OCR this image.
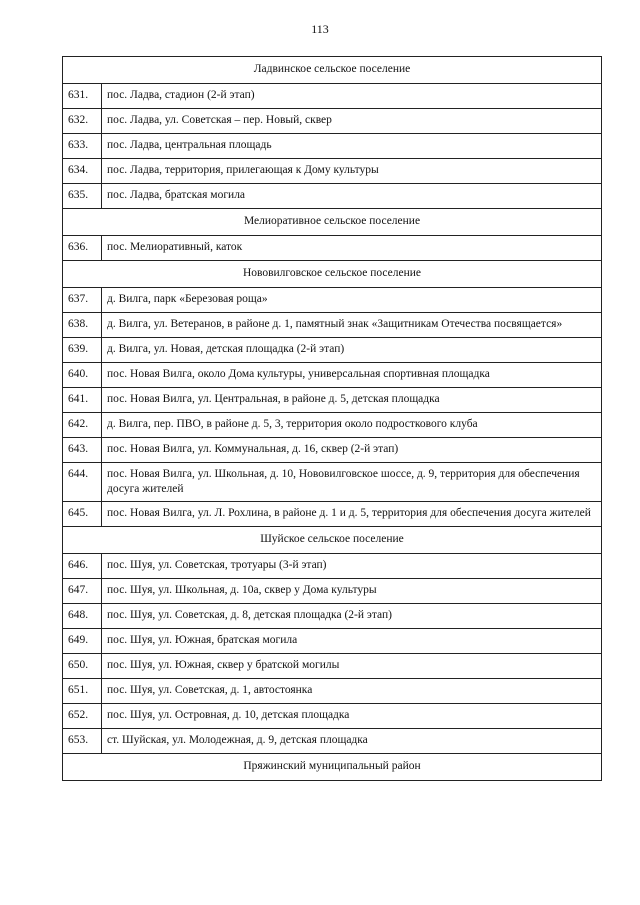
113
Ладвинское сельское поселение	
631.	пос. Ладва, стадион (2-й этап)
632.	пос. Ладва, ул. Советская – пер. Новый, сквер
633.	пос. Ладва, центральная площадь
634.	пос. Ладва, территория, прилегающая к Дому культуры
635.	пос. Ладва, братская могила
Мелиоративное сельское поселение	
636.	пос. Мелиоративный, каток
Нововилговское сельское поселение	
637.	д. Вилга, парк «Березовая роща»
638.	д. Вилга, ул. Ветеранов, в районе д. 1, памятный знак «Защитникам Отечества посвящается»
639.	д. Вилга, ул. Новая, детская площадка (2-й этап)
640.	пос. Новая Вилга, около Дома культуры, универсальная спортивная площадка
641.	пос. Новая Вилга, ул. Центральная, в районе д. 5, детская площадка
642.	д. Вилга, пер. ПВО, в районе д. 5, 3, территория около подросткового клуба
643.	пос. Новая Вилга, ул. Коммунальная, д. 16, сквер (2-й этап)
644.	пос. Новая Вилга, ул. Школьная, д. 10, Нововилговское шоссе, д. 9, территория для обеспечения досуга жителей
645.	пос. Новая Вилга, ул. Л. Рохлина, в районе д. 1 и д. 5, территория для обеспечения досуга жителей
Шуйское сельское поселение	
646.	пос. Шуя, ул. Советская, тротуары (3-й этап)
647.	пос. Шуя, ул. Школьная, д. 10а, сквер у Дома культуры
648.	пос. Шуя, ул. Советская, д. 8, детская площадка (2-й этап)
649.	пос. Шуя, ул. Южная, братская могила
650.	пос. Шуя, ул. Южная, сквер у братской могилы
651.	пос. Шуя, ул. Советская, д. 1, автостоянка
652.	пос. Шуя, ул. Островная, д. 10, детская площадка
653.	ст. Шуйская, ул. Молодежная, д. 9, детская площадка
Пряжинский муниципальный район	
